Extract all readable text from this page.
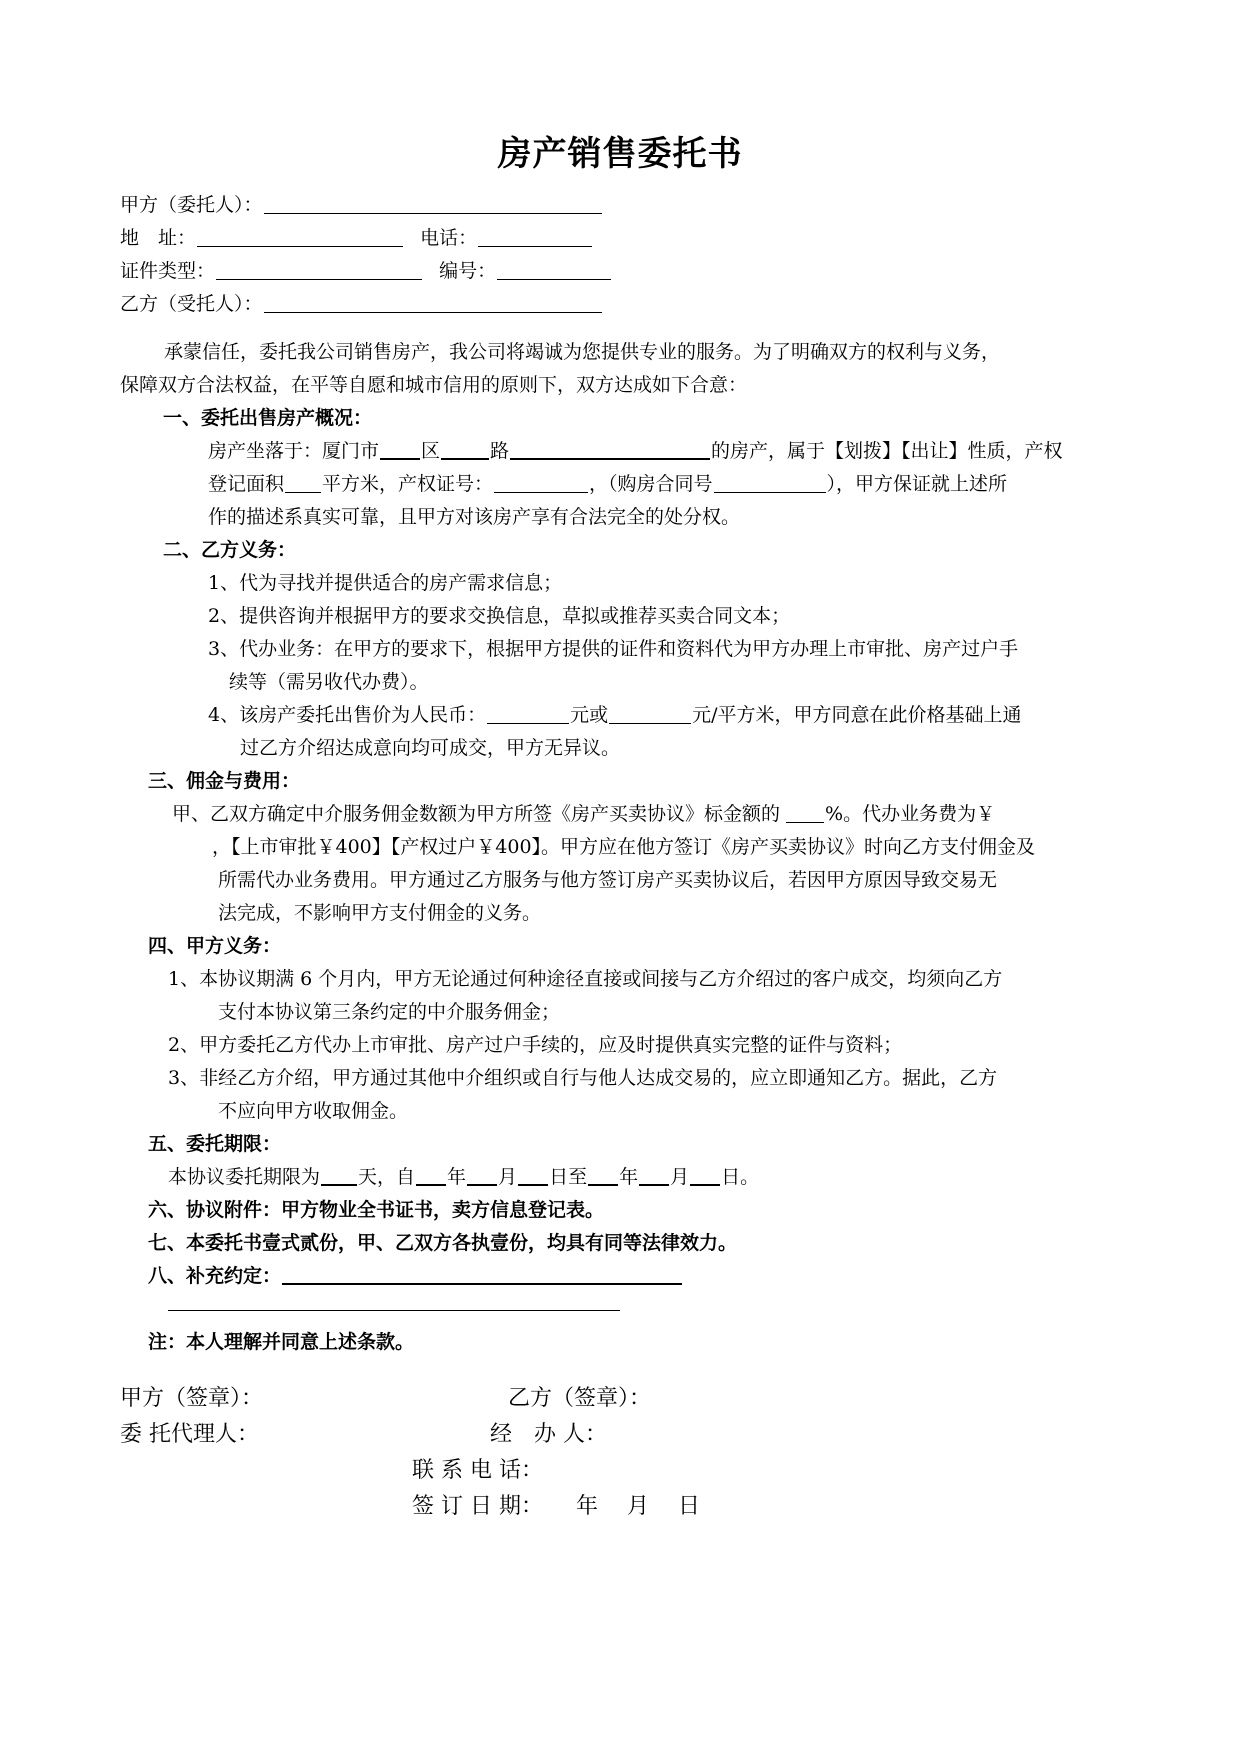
房产销售委托书
甲方（委托人）：
地　址：	电话：
证件类型：	编号：
乙方（受托人）：
承蒙信任，委托我公司销售房产，我公司将竭诚为您提供专业的服务。为了明确双方的权利与义务，
保障双方合法权益，在平等自愿和城市信用的原则下，双方达成如下合意：
一、委托出售房产概况：
房产坐落于：厦门市 区	路	的房产，属于【划拨】【出让】性质，产权
登记面积 平方米，产权证号：	，（购房合同号	），甲方保证就上述所
作的描述系真实可靠，且甲方对该房产享有合法完全的处分权。
二、乙方义务：
1、代为寻找并提供适合的房产需求信息；
2、提供咨询并根据甲方的要求交换信息，草拟或推荐买卖合同文本；
3、代办业务：在甲方的要求下，根据甲方提供的证件和资料代为甲方办理上市审批、房产过户手
续等（需另收代办费）。
4、该房产委托出售价为人民币：	元或	元/平方米，甲方同意在此价格基础上通
过乙方介绍达成意向均可成交，甲方无异议。
三、佣金与费用：
甲、乙双方确定中介服务佣金数额为甲方所签《房产买卖协议》标金额的 %。代办业务费为￥
，【上市审批￥400】【产权过户￥400】。甲方应在他方签订《房产买卖协议》时向乙方支付佣金及
所需代办业务费用。甲方通过乙方服务与他方签订房产买卖协议后，若因甲方原因导致交易无
法完成，不影响甲方支付佣金的义务。
四、甲方义务：
1、本协议期满 6 个月内，甲方无论通过何种途径直接或间接与乙方介绍过的客户成交，均须向乙方
支付本协议第三条约定的中介服务佣金；
2、甲方委托乙方代办上市审批、房产过户手续的，应及时提供真实完整的证件与资料；
3、非经乙方介绍，甲方通过其他中介组织或自行与他人达成交易的，应立即通知乙方。据此，乙方
不应向甲方收取佣金。
五、委托期限：
本协议委托期限为 天，自 年 月 日至 年 月 日。
六、协议附件：甲方物业全书证书，卖方信息登记表。
七、本委托书壹式贰份，甲、乙双方各执壹份，均具有同等法律效力。
八、补充约定：
注：本人理解并同意上述条款。
甲方（签章）：	乙方（签章）：
委 托代理人：	经　办 人：
联 系 电 话：
签 订 日 期：　　年　 月　 日
